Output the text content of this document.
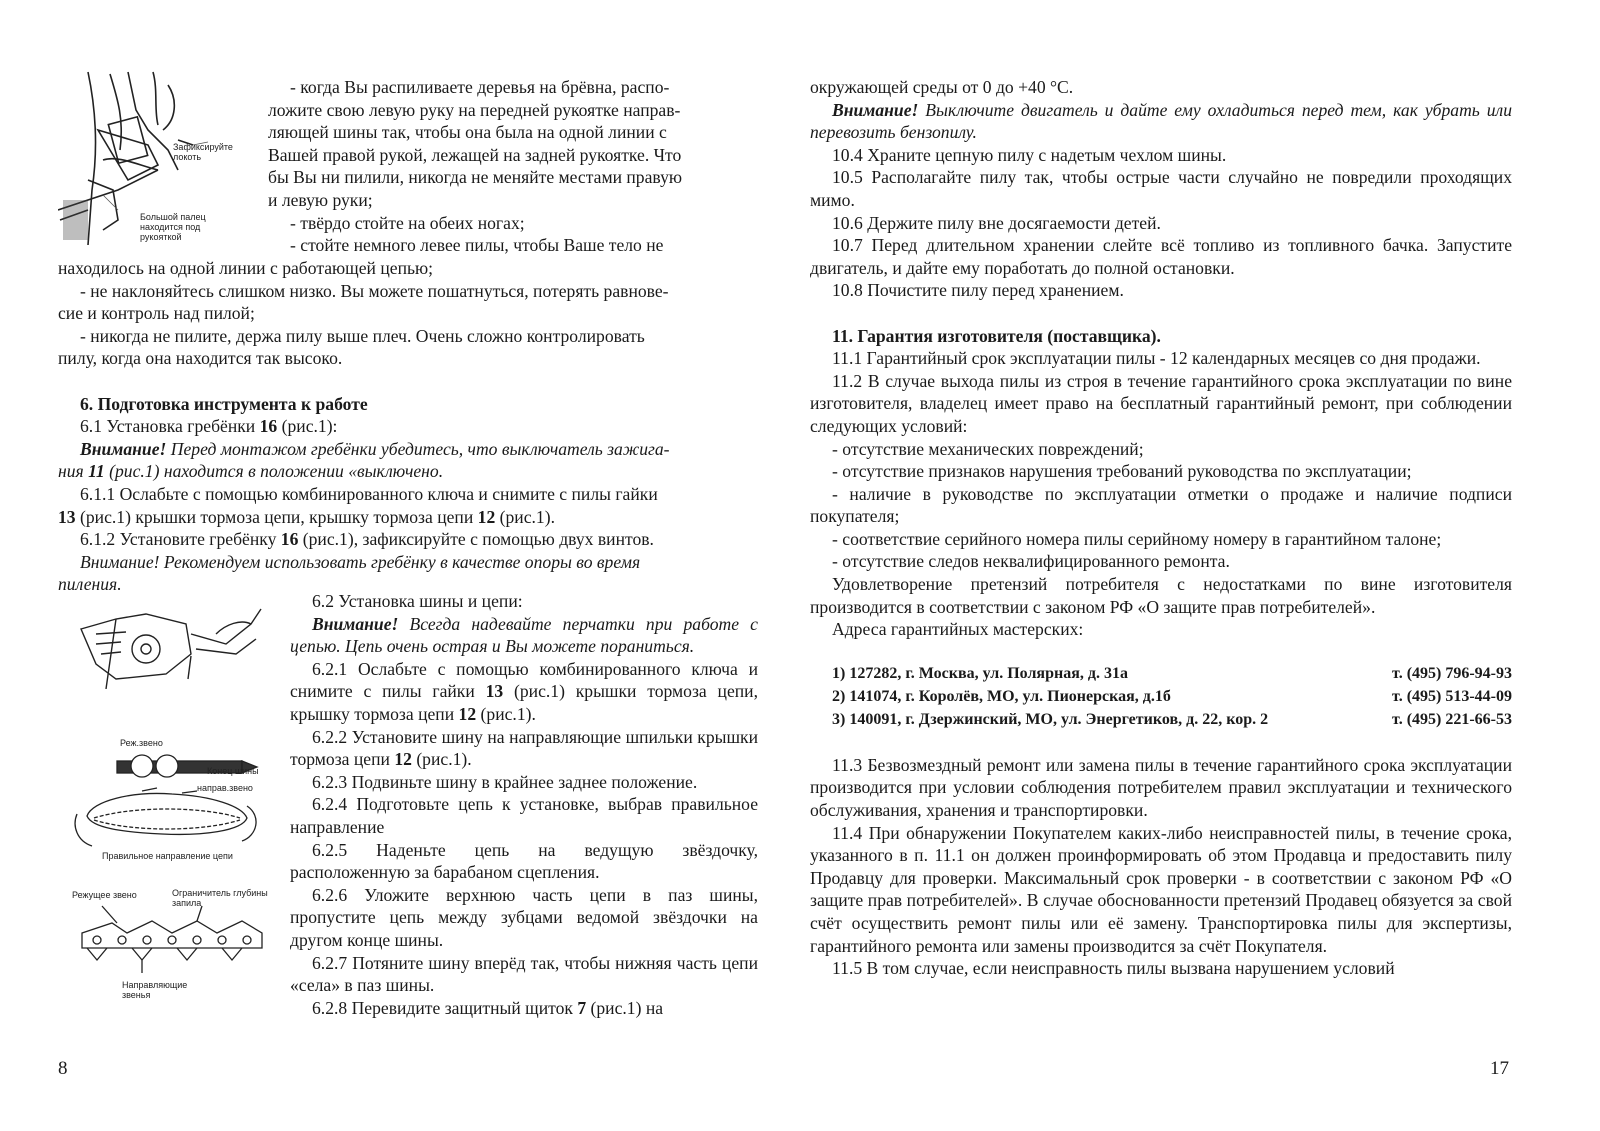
Зафиксируйте локоть
Большой палец находится под рукояткой

- когда Вы распиливаете деревья на брёвна, распо-

ложите свою левую руку на передней рукоятке направ-

ляющей шины так, чтобы она была на одной линии с

Вашей правой рукой, лежащей на задней рукоятке. Что

бы Вы ни пилили, никогда не меняйте местами правую

и левую руки;

- твёрдо стойте на обеих ногах;

- стойте немного левее пилы, чтобы Ваше тело не

находилось на одной линии с работающей цепью;

- не наклоняйтесь слишком низко. Вы можете пошатнуться, потерять равнове-

сие и контроль над пилой;

- никогда не пилите, держа пилу выше плеч. Очень сложно контролировать

пилу, когда она находится так высоко.

6. Подготовка инструмента к работе

6.1 Установка гребёнки 16 (рис.1):

Внимание! Перед монтажом гребёнки убедитесь, что выключатель зажига-
ния 11 (рис.1) находится в положении «выключено.

6.1.1 Ослабьте с помощью комбинированного ключа и снимите с пилы гайки
13 (рис.1) крышки тормоза цепи, крышку тормоза цепи 12 (рис.1).

6.1.2 Установите гребёнку 16 (рис.1), зафиксируйте с помощью двух винтов.

Внимание! Рекомендуем использовать гребёнку в качестве опоры во время

пиления.

Реж.звено
Конец шины
направ.звено
Правильное направление цепи
Режущее звено	Ограничитель глубины запила
Направляющие звенья

6.2 Установка шины и цепи:

Внимание! Всегда надевайте перчатки при работе с цепью. Цепь очень острая и Вы можете пораниться.

6.2.1 Ослабьте с помощью комбинированного ключа и снимите с пилы гайки 13 (рис.1) крышки тормоза цепи, крышку тормоза цепи 12 (рис.1).

6.2.2 Установите шину на направляющие шпильки крышки тормоза цепи 12 (рис.1).

6.2.3 Подвиньте шину в крайнее заднее положение.

6.2.4 Подготовьте цепь к установке, выбрав правильное направление

6.2.5 Наденьте цепь на ведущую звёздочку, расположенную за барабаном сцепления.

6.2.6 Уложите верхнюю часть цепи в паз шины, пропустите цепь между зубцами ведомой звёздочки на другом конце шины.

6.2.7 Потяните шину вперёд так, чтобы нижняя часть цепи «села» в паз шины.

6.2.8 Перевидите защитный щиток 7 (рис.1) на

8

окружающей среды от 0 до +40 °С.

Внимание! Выключите двигатель и дайте ему охладиться перед тем, как убрать или перевозить бензопилу.

10.4 Храните цепную пилу с надетым чехлом шины.

10.5 Располагайте пилу так, чтобы острые части случайно не повредили проходящих мимо.

10.6 Держите пилу вне досягаемости детей.

10.7 Перед длительном хранении слейте всё топливо из топливного бачка. Запустите двигатель, и дайте ему поработать до полной остановки.

10.8 Почистите пилу перед хранением.

11. Гарантия изготовителя (поставщика).

11.1 Гарантийный срок эксплуатации пилы - 12 календарных месяцев со дня продажи.

11.2 В случае выхода пилы из строя в течение гарантийного срока эксплуатации по вине изготовителя, владелец имеет право на бесплатный гарантийный ремонт, при соблюдении следующих условий:

- отсутствие механических повреждений;

- отсутствие признаков нарушения требований руководства по эксплуатации;

- наличие в руководстве по эксплуатации отметки о продаже и наличие подписи покупателя;

- соответствие серийного номера пилы серийному номеру в гарантийном талоне;

- отсутствие следов неквалифицированного ремонта.

Удовлетворение претензий потребителя с недостатками по вине изготовителя производится в соответствии с законом РФ «О защите прав потребителей».

Адреса гарантийных мастерских:

1) 127282, г. Москва, ул. Полярная, д. 31а	т. (495) 796-94-93
2) 141074, г. Королёв, МО, ул. Пионерская, д.1б	т. (495) 513-44-09
3) 140091, г. Дзержинский, МО, ул. Энергетиков, д. 22, кор. 2	т. (495) 221-66-53

11.3 Безвозмездный ремонт или замена пилы в течение гарантийного срока эксплуатации производится при условии соблюдения потребителем правил эксплуатации и технического обслуживания, хранения и транспортировки.

11.4 При обнаружении Покупателем каких-либо неисправностей пилы, в течение срока, указанного в п. 11.1 он должен проинформировать об этом Продавца и предоставить пилу Продавцу для проверки. Максимальный срок проверки - в соответствии с законом РФ «О защите прав потребителей». В случае обоснованности претензий Продавец обязуется за свой счёт осуществить ремонт пилы или её замену. Транспортировка пилы для экспертизы, гарантийного ремонта или замены производится за счёт Покупателя.

11.5 В том случае, если неисправность пилы вызвана нарушением условий

17
